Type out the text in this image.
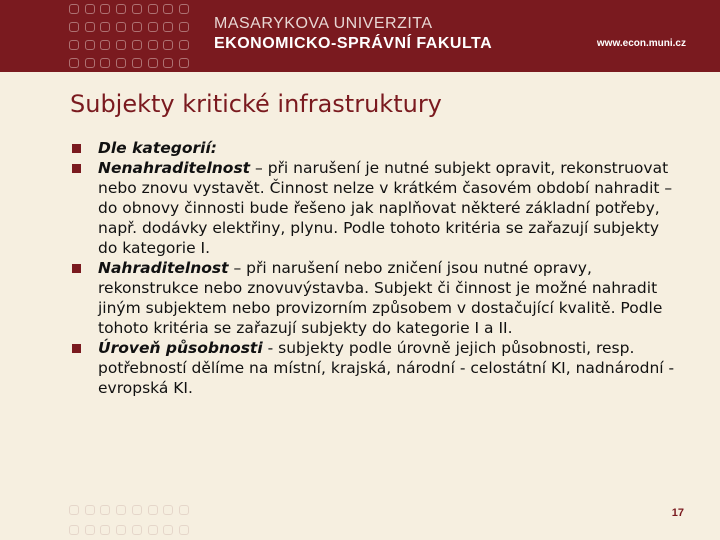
MASARYKOVA UNIVERZITA
EKONOMICKO-SPRÁVNÍ FAKULTA	www.econ.muni.cz
Subjekty kritické infrastruktury
Dle kategorií:
Nenahraditelnost – při narušení je nutné subjekt opravit, rekonstruovat nebo znovu vystavět. Činnost nelze v krátkém časovém období nahradit – do obnovy činnosti bude řešeno jak naplňovat některé základní potřeby, např. dodávky elektřiny, plynu. Podle tohoto kritéria se zařazují subjekty do kategorie I.
Nahraditelnost – při narušení nebo zničení jsou nutné opravy, rekonstrukce nebo znovuvýstavba. Subjekt či činnost je možné nahradit jiným subjektem nebo provizorním způsobem v dostačující kvalitě. Podle tohoto kritéria se zařazují subjekty do kategorie I a II.
Úroveň působnosti - subjekty podle úrovně jejich působnosti, resp. potřebností dělíme na místní, krajská, národní - celostátní KI, nadnárodní - evropská KI.
17
